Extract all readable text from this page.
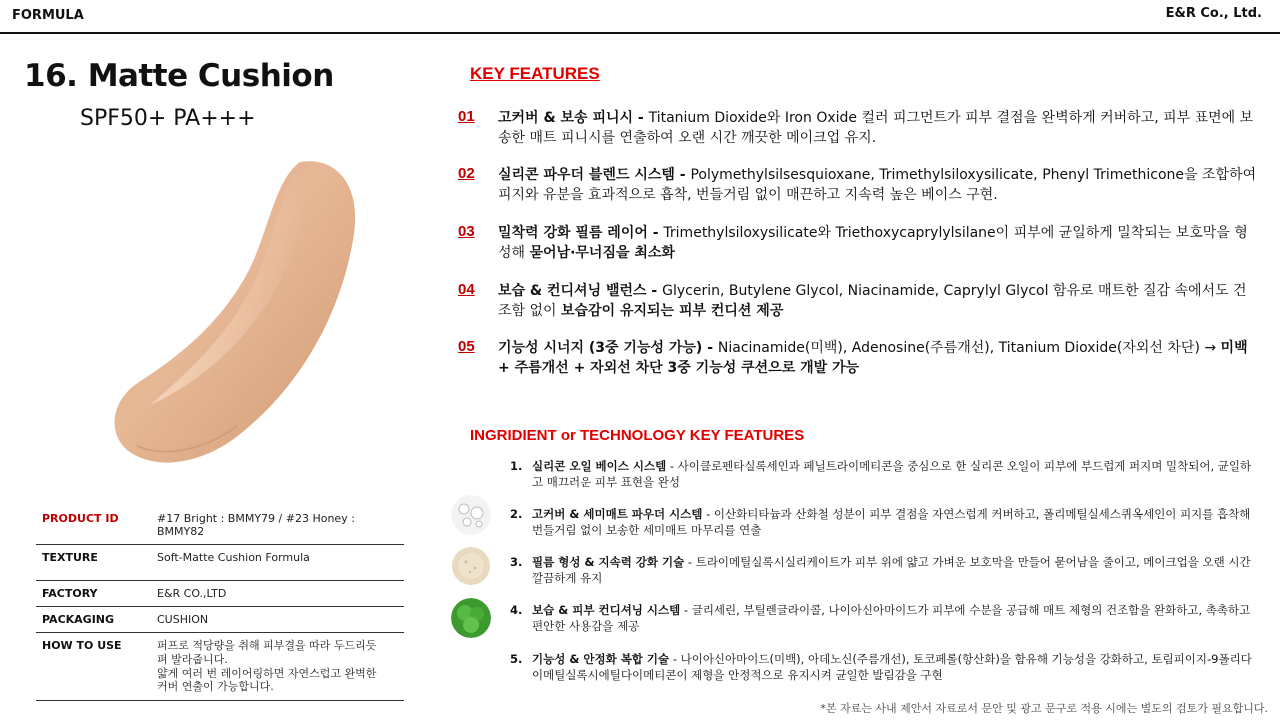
FORMULA	E&R Co., Ltd.
16. Matte Cushion
SPF50+ PA+++
PRODUCT ID	#17 Bright : BMMY79 / #23 Honey : BMMY82
TEXTURE	Soft-Matte Cushion Formula
FACTORY	E&R CO.,LTD
PACKAGING	CUSHION
HOW TO USE	퍼프로 적당량을 취해 피부결을 따라 두드리듯
펴 발라줍니다.
얇게 여러 번 레이어링하면 자연스럽고 완벽한
커버 연출이 가능합니다.
KEY FEATURES
01 고커버 & 보송 피니시 - Titanium Dioxide와 Iron Oxide 컬러 피그먼트가 피부 결점을 완벽하게 커버하고, 피부 표면에 보송한 매트 피니시를 연출하여 오랜 시간 깨끗한 메이크업 유지.
02 실리콘 파우더 블렌드 시스템 - Polymethylsilsesquioxane, Trimethylsiloxysilicate, Phenyl Trimethicone을 조합하여 피지와 유분을 효과적으로 흡착, 번들거림 없이 매끈하고 지속력 높은 베이스 구현.
03 밀착력 강화 필름 레이어 - Trimethylsiloxysilicate와 Triethoxycaprylylsilane이 피부에 균일하게 밀착되는 보호막을 형성해 묻어남·무너짐을 최소화
04 보습 & 컨디셔닝 밸런스 - Glycerin, Butylene Glycol, Niacinamide, Caprylyl Glycol 함유로 매트한 질감 속에서도 건조함 없이 보습감이 유지되는 피부 컨디션 제공
05 기능성 시너지 (3중 기능성 가능) - Niacinamide(미백), Adenosine(주름개선), Titanium Dioxide(자외선 차단) → 미백 + 주름개선 + 자외선 차단 3중 기능성 쿠션으로 개발 가능
INGRIDIENT or TECHNOLOGY KEY FEATURES
1. 실리콘 오일 베이스 시스템 - 사이클로펜타실록세인과 페닐트라이메티콘을 중심으로 한 실리콘 오일이 피부에 부드럽게 퍼지며 밀착되어, 균일하고 매끄러운 피부 표현을 완성
2. 고커버 & 세미매트 파우더 시스템 - 이산화티타늄과 산화철 성분이 피부 결점을 자연스럽게 커버하고, 폴리메틸실세스퀴옥세인이 피지를 흡착해 번들거림 없이 보송한 세미매트 마무리를 연출
3. 필름 형성 & 지속력 강화 기술 - 트라이메틸실록시실리케이트가 피부 위에 얇고 가벼운 보호막을 만들어 묻어남을 줄이고, 메이크업을 오랜 시간 깔끔하게 유지
4. 보습 & 피부 컨디셔닝 시스템 - 글리세린, 부틸렌글라이콜, 나이아신아마이드가 피부에 수분을 공급해 매트 제형의 건조함을 완화하고, 촉촉하고 편안한 사용감을 제공
5. 기능성 & 안정화 복합 기술 - 나이아신아마이드(미백), 아데노신(주름개선), 토코페롤(항산화)을 함유해 기능성을 강화하고, 토림피이지-9폴리다이메틸실록시에틸다이메티콘이 제형을 안정적으로 유지시켜 균일한 발림감을 구현
*본 자료는 사내 제안서 자료로서 문안 및 광고 문구로 적용 시에는 별도의 검토가 필요합니다.
